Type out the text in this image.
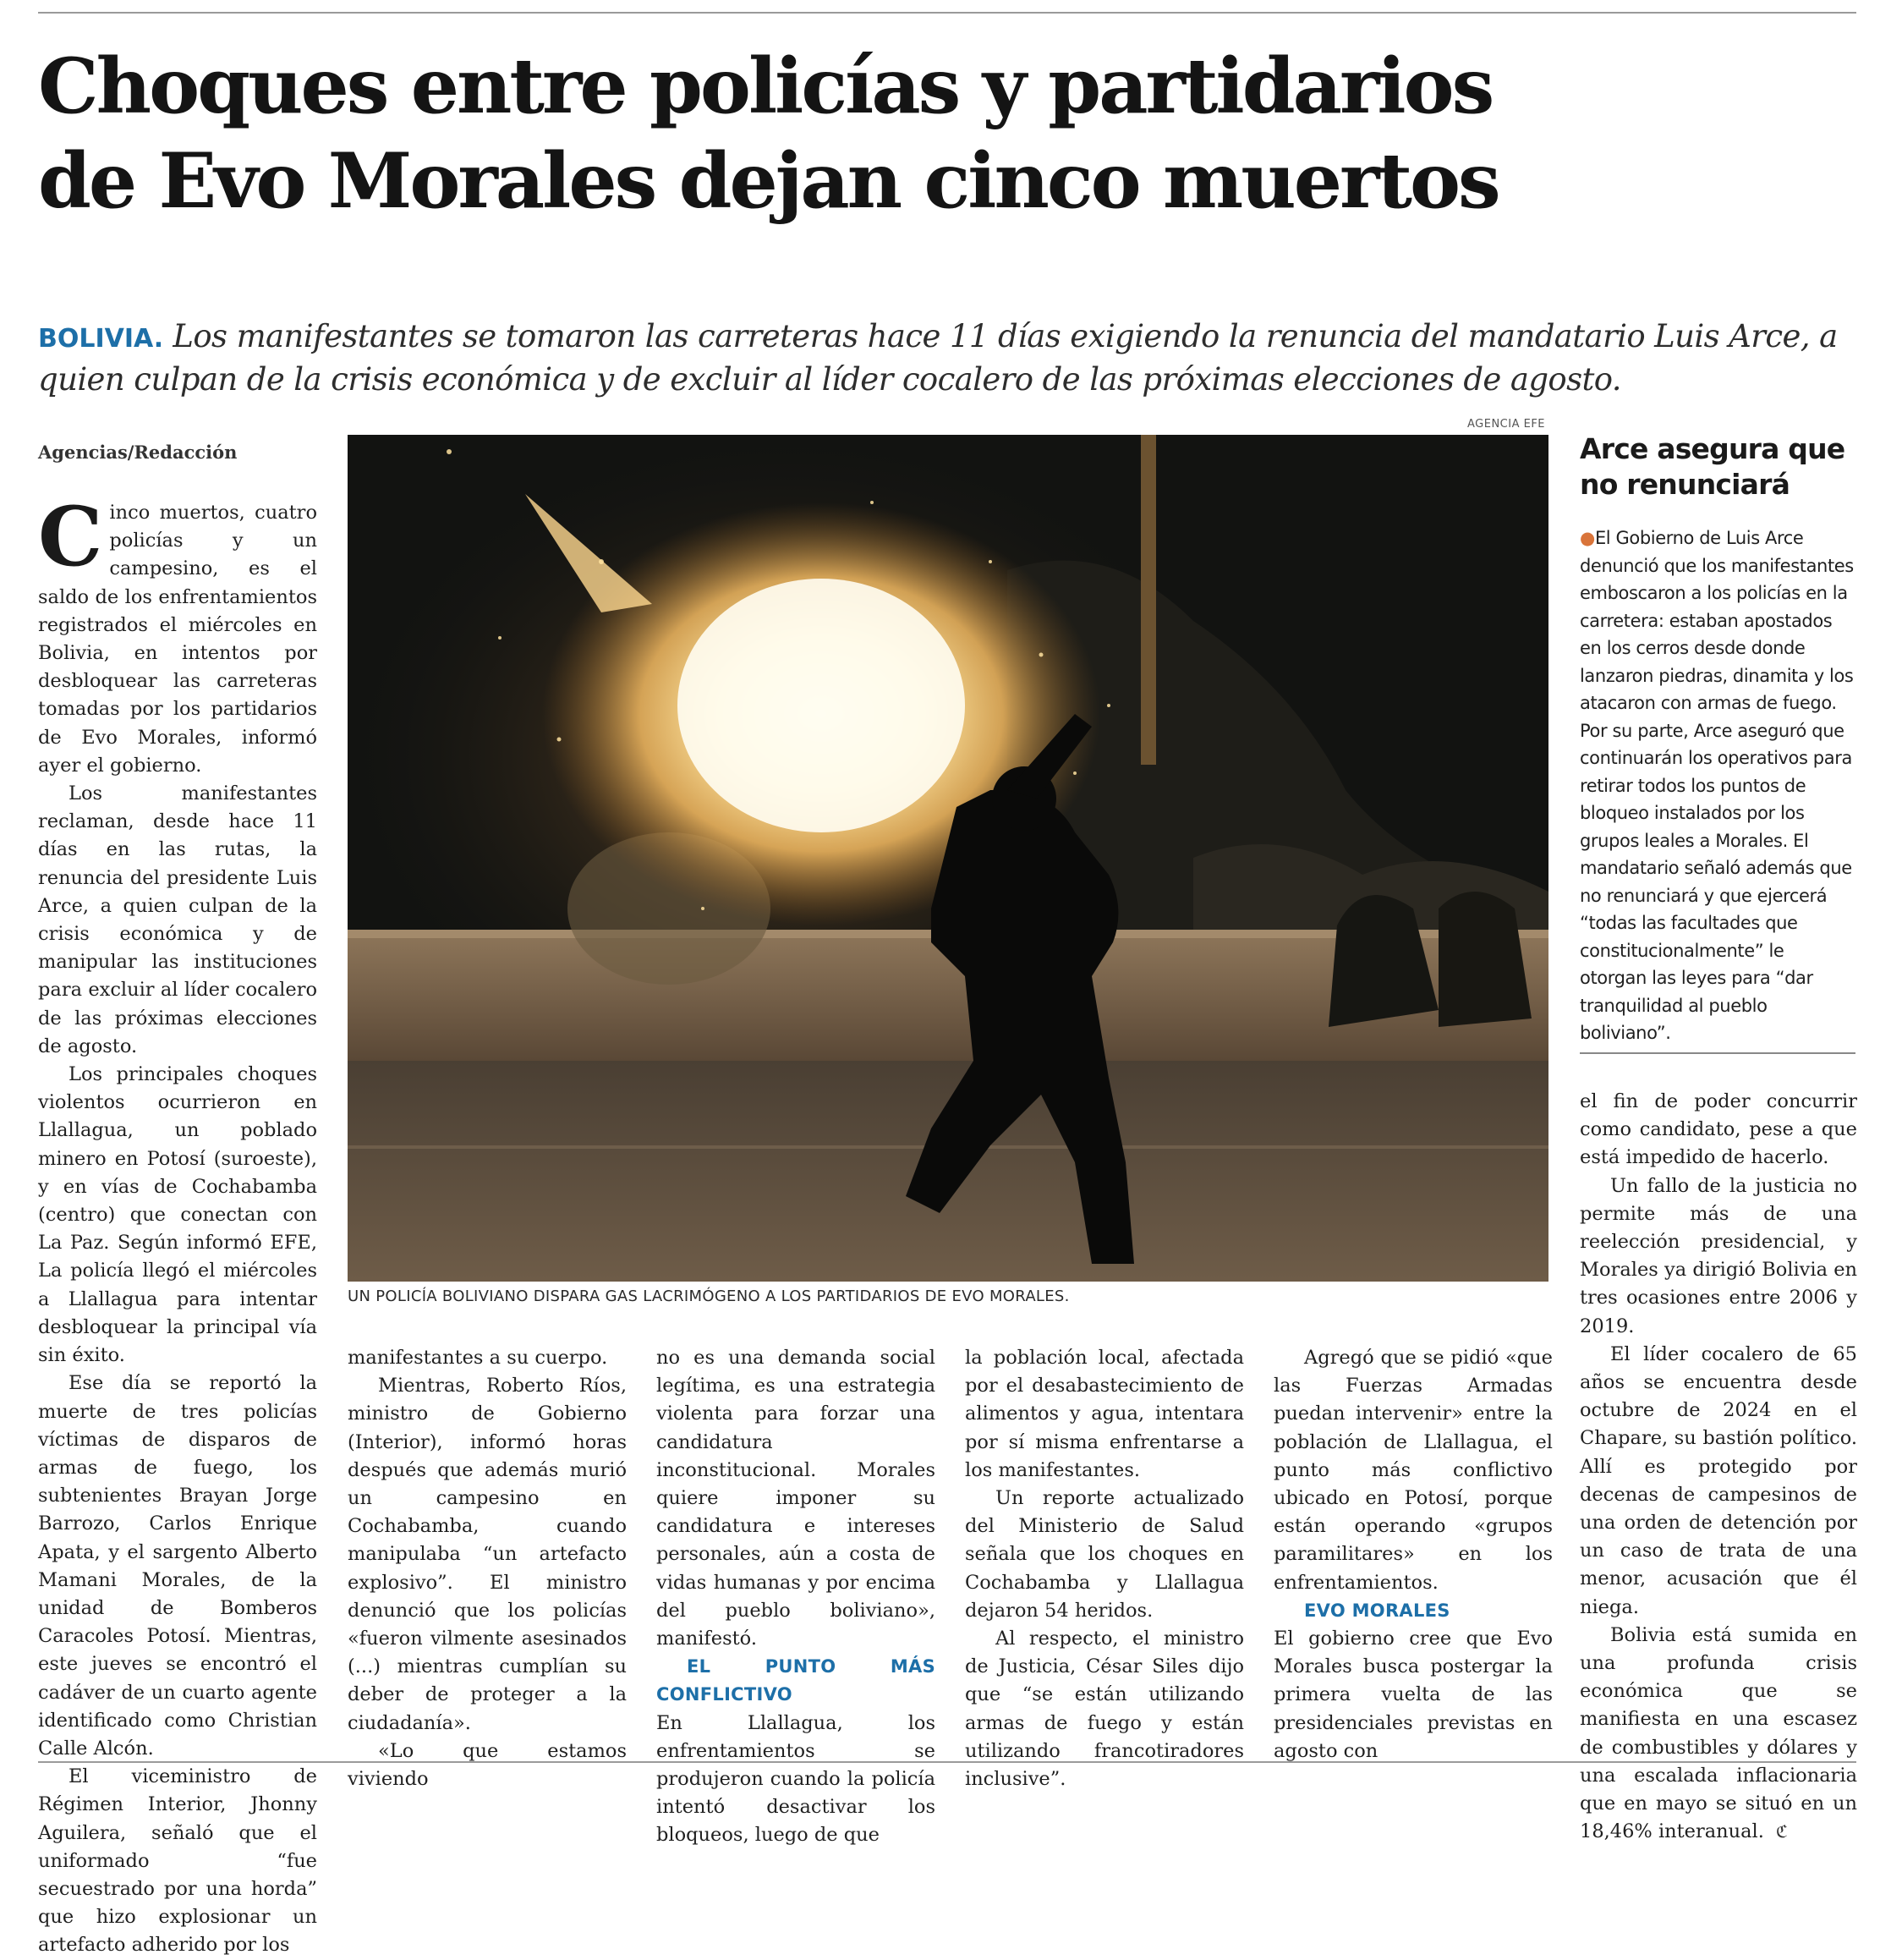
Choques entre policías y partidarios
de Evo Morales dejan cinco muertos
BOLIVIA. Los manifestantes se tomaron las carreteras hace 11 días exigiendo la renuncia del mandatario Luis Arce, a quien culpan de la crisis económica y de excluir al líder cocalero de las próximas elecciones de agosto.
Agencias/Redacción

Cinco muertos, cuatro policías y un campesino, es el saldo de los enfrentamientos registrados el miércoles en Bolivia, en intentos por desbloquear las carreteras tomadas por los partidarios de Evo Morales, informó ayer el gobierno.

Los manifestantes reclaman, desde hace 11 días en las rutas, la renuncia del presidente Luis Arce, a quien culpan de la crisis económica y de manipular las instituciones para excluir al líder cocalero de las próximas elecciones de agosto.

Los principales choques violentos ocurrieron en Llallagua, un poblado minero en Potosí (suroeste), y en vías de Cochabamba (centro) que conectan con La Paz. Según informó EFE, La policía llegó el miércoles a Llallagua para intentar desbloquear la principal vía sin éxito.

Ese día se reportó la muerte de tres policías víctimas de disparos de armas de fuego, los subtenientes Brayan Jorge Barrozo, Carlos Enrique Apata, y el sargento Alberto Mamani Morales, de la unidad de Bomberos Caracoles Potosí. Mientras, este jueves se encontró el cadáver de un cuarto agente identificado como Christian Calle Alcón.

El viceministro de Régimen Interior, Jhonny Aguilera, señaló que el uniformado “fue secuestrado por una horda” que hizo explosionar un artefacto adherido por los

AGENCIA EFE
UN POLICÍA BOLIVIANO DISPARA GAS LACRIMÓGENO A LOS PARTIDARIOS DE EVO MORALES.

manifestantes a su cuerpo.

Mientras, Roberto Ríos, ministro de Gobierno (Interior), informó horas después que además murió un campesino en Cochabamba, cuando manipulaba “un artefacto explosivo”. El ministro denunció que los policías «fueron vilmente asesinados (...) mientras cumplían su deber de proteger a la ciudadanía».

«Lo que estamos viviendo

no es una demanda social legítima, es una estrategia violenta para forzar una candidatura inconstitucional. Morales quiere imponer su candidatura e intereses personales, aún a costa de vidas humanas y por encima del pueblo boliviano», manifestó.

EL PUNTO MÁS CONFLICTIVO

En Llallagua, los enfrentamientos se produjeron cuando la policía intentó desactivar los bloqueos, luego de que

la población local, afectada por el desabastecimiento de alimentos y agua, intentara por sí misma enfrentarse a los manifestantes.

Un reporte actualizado del Ministerio de Salud señala que los choques en Cochabamba y Llallagua dejaron 54 heridos.

Al respecto, el ministro de Justicia, César Siles dijo que “se están utilizando armas de fuego y están utilizando francotiradores inclusive”.

Agregó que se pidió «que las Fuerzas Armadas puedan intervenir» entre la población de Llallagua, el punto más conflictivo ubicado en Potosí, porque están operando «grupos paramilitares» en los enfrentamientos.

EVO MORALES

El gobierno cree que Evo Morales busca postergar la primera vuelta de las presidenciales previstas en agosto con

Arce asegura que no renunciará
●El Gobierno de Luis Arce denunció que los manifestantes emboscaron a los policías en la carretera: estaban apostados en los cerros desde donde lanzaron piedras, dinamita y los atacaron con armas de fuego. Por su parte, Arce aseguró que continuarán los operativos para retirar todos los puntos de bloqueo instalados por los grupos leales a Morales. El mandatario señaló además que no renunciará y que ejercerá “todas las facultades que constitucionalmente” le otorgan las leyes para “dar tranquilidad al pueblo boliviano”.

el fin de poder concurrir como candidato, pese a que está impedido de hacerlo.

Un fallo de la justicia no permite más de una reelección presidencial, y Morales ya dirigió Bolivia en tres ocasiones entre 2006 y 2019.

El líder cocalero de 65 años se encuentra desde octubre de 2024 en el Chapare, su bastión político. Allí es protegido por decenas de campesinos de una orden de detención por un caso de trata de una menor, acusación que él niega.

Bolivia está sumida en una profunda crisis económica que se manifiesta en una escasez de combustibles y dólares y una escalada inflacionaria que en mayo se situó en un 18,46% interanual. ℭ
